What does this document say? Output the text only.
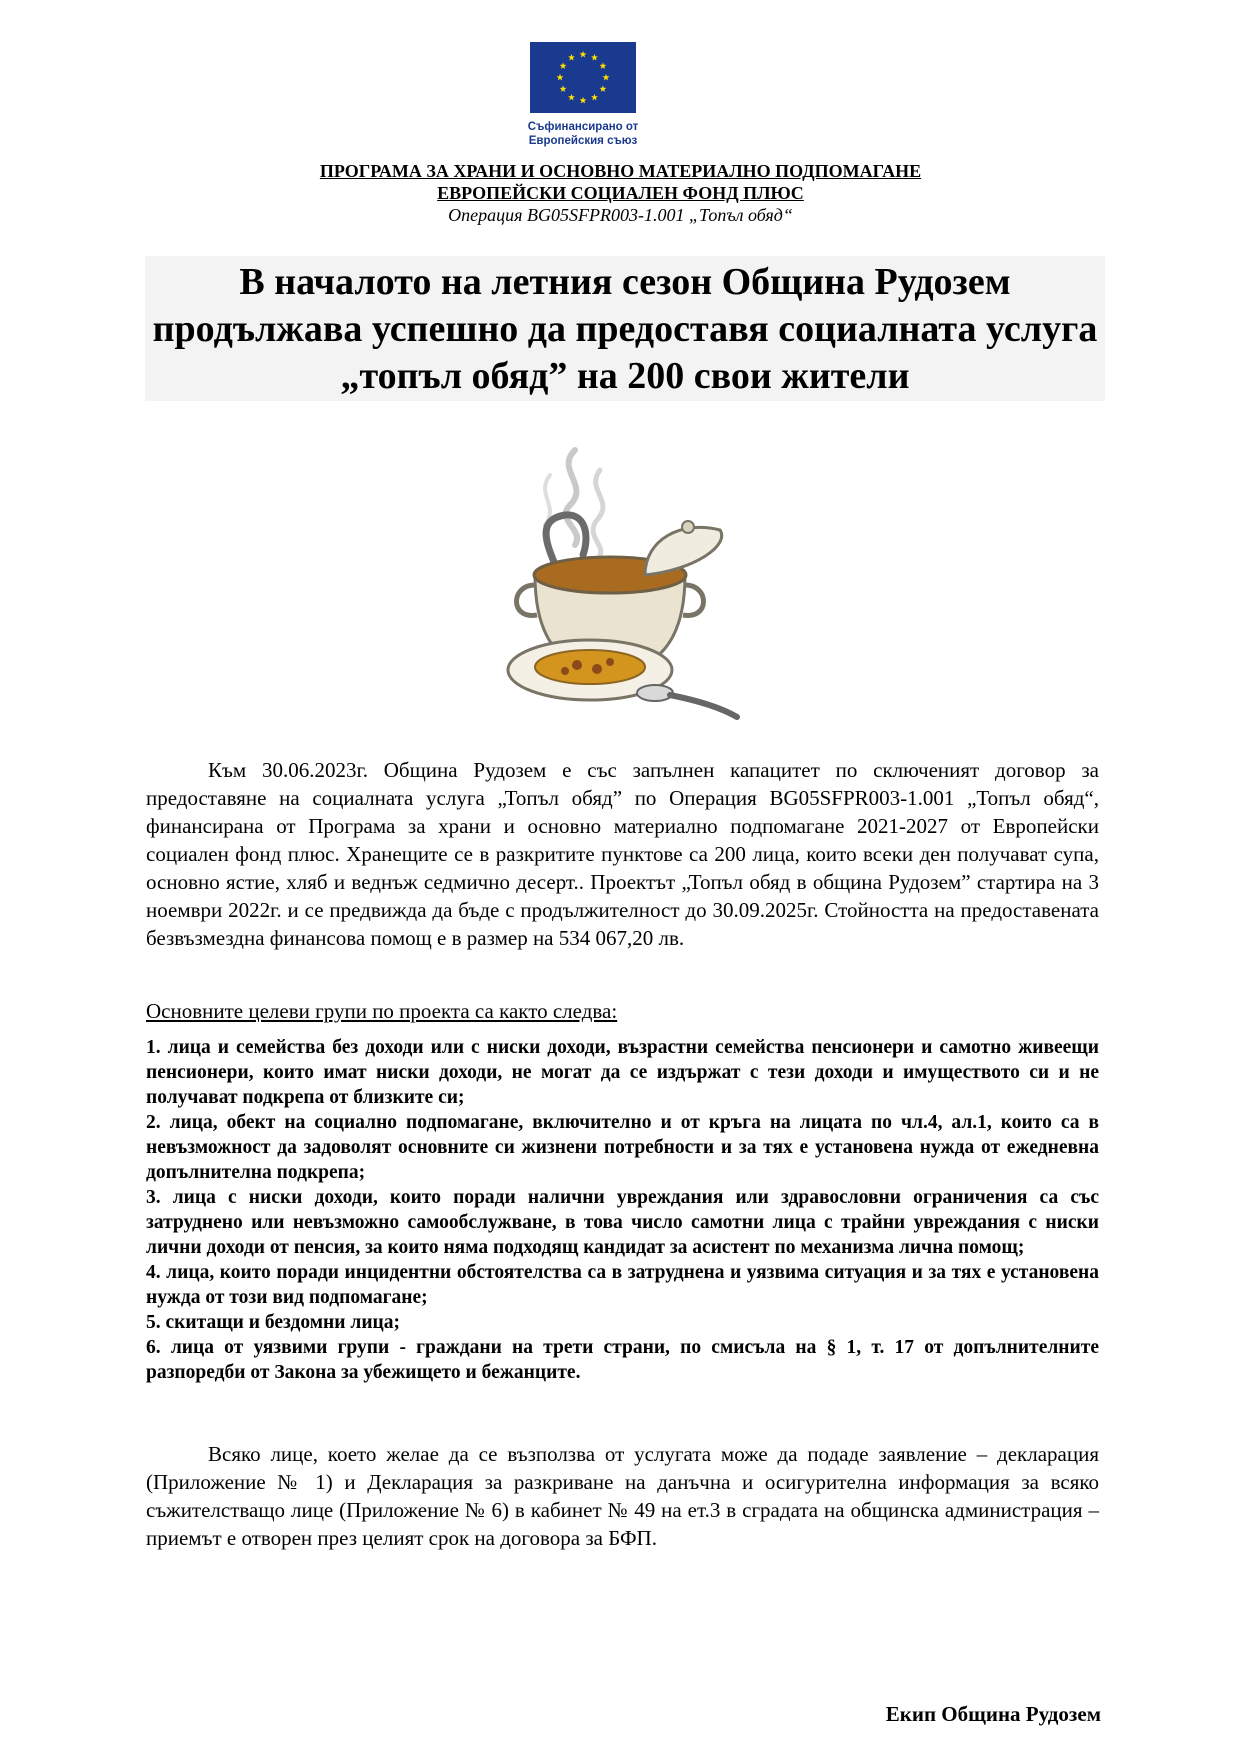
Съфинансирано от
Европейския съюз
ПРОГРАМА ЗА ХРАНИ И ОСНОВНО МАТЕРИАЛНО ПОДПОМАГАНЕ
ЕВРОПЕЙСКИ СОЦИАЛЕН ФОНД ПЛЮС
Операция BG05SFPR003-1.001 „Топъл обяд“
В началото на летния сезон Община Рудозем продължава успешно да предоставя социалната услуга „топъл обяд” на 200 свои жители
Към 30.06.2023г. Община Рудозем е със запълнен капацитет по сключеният договор за предоставяне на социалната услуга „Топъл обяд” по Операция BG05SFPR003-1.001 „Топъл обяд“, финансирана от Програма за храни и основно материално подпомагане 2021-2027 от Европейски социален фонд плюс. Хранещите се в разкритите пунктове са 200 лица, които всеки ден получават супа, основно ястие, хляб и веднъж седмично десерт.. Проектът „Топъл обяд в община Рудозем” стартира на 3 ноември 2022г. и се предвижда да бъде с продължителност до 30.09.2025г. Стойността на предоставената безвъзмездна финансова помощ е в размер на 534 067,20 лв.
Основните целеви групи по проекта са както следва:
1. лица и семейства без доходи или с ниски доходи, възрастни семейства пенсионери и самотно живеещи пенсионери, които имат ниски доходи, не могат да се издържат с тези доходи и имуществото си и не получават подкрепа от близките си;
2. лица, обект на социално подпомагане, включително и от кръга на лицата по чл.4, ал.1, които са в невъзможност да задоволят основните си жизнени потребности и за тях е установена нужда от ежедневна допълнителна подкрепа;
3. лица с ниски доходи, които поради налични увреждания или здравословни ограничения са със затруднено или невъзможно самообслужване, в това число самотни лица с трайни увреждания с ниски лични доходи от пенсия, за които няма подходящ кандидат за асистент по механизма лична помощ;
4. лица, които поради инцидентни обстоятелства са в затруднена и уязвима ситуация и за тях е установена нужда от този вид подпомагане;
5. скитащи и бездомни лица;
6. лица от уязвими групи - граждани на трети страни, по смисъла на § 1, т. 17 от допълнителните разпоредби от Закона за убежището и бежанците.
Всяко лице, което желае да се възползва от услугата може да подаде заявление – декларация (Приложение № 1) и Декларация за разкриване на данъчна и осигурителна информация за всяко съжителстващо лице (Приложение № 6) в кабинет № 49 на ет.3 в сградата на общинска администрация – приемът е отворен през целият срок на договора за БФП.
Екип Община Рудозем
